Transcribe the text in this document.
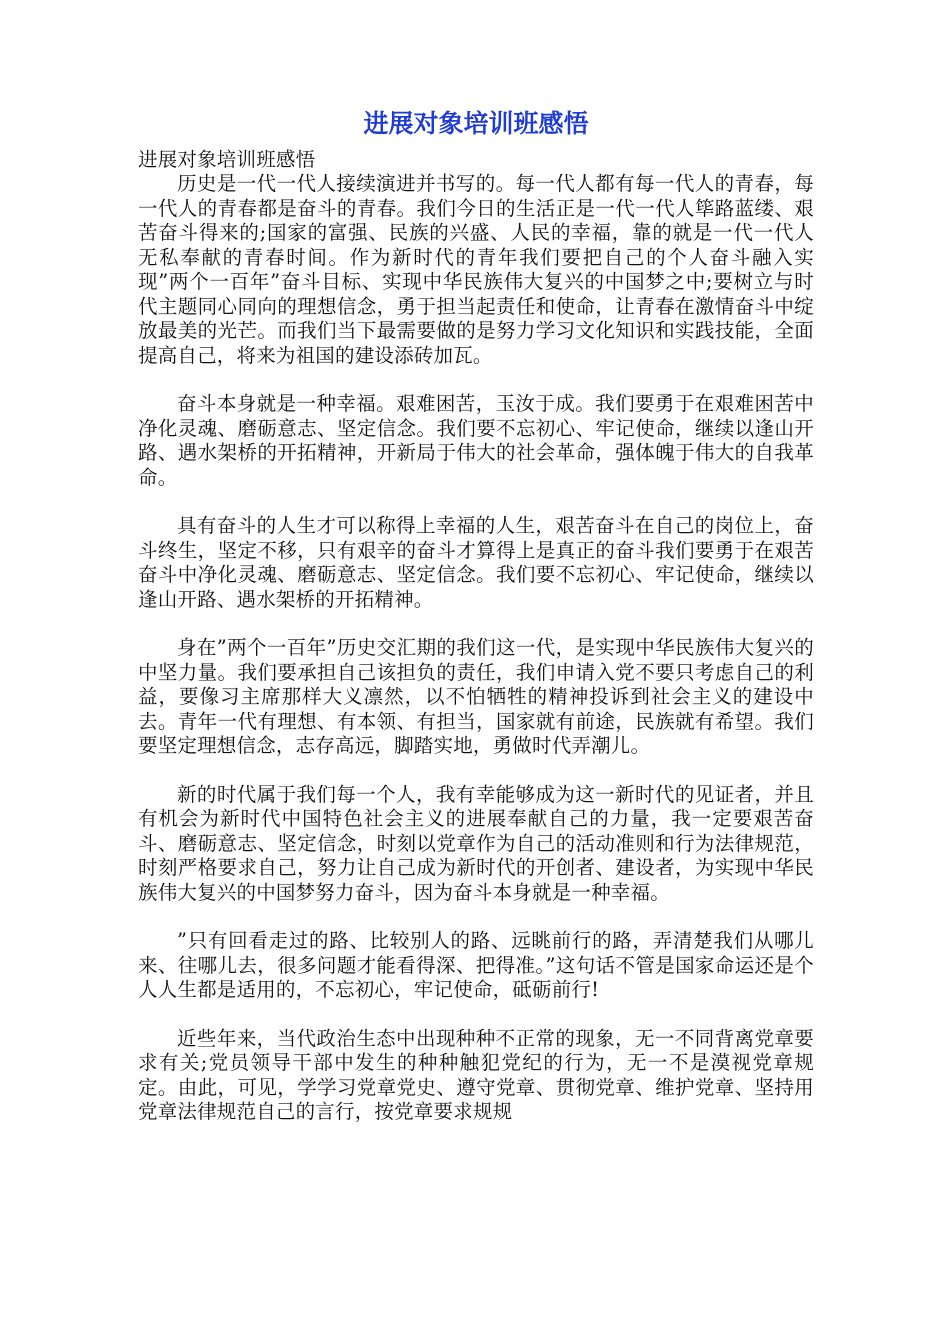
进展对象培训班感悟

进展对象培训班感悟

历史是一代一代人接续演进并书写的。每一代人都有每一代人的青春，每一代人的青春都是奋斗的青春。我们今日的生活正是一代一代人筚路蓝缕、艰苦奋斗得来的;国家的富强、民族的兴盛、人民的幸福，靠的就是一代一代人无私奉献的青春时间。作为新时代的青年我们要把自己的个人奋斗融入实现”两个一百年”奋斗目标、实现中华民族伟大复兴的中国梦之中;要树立与时代主题同心同向的理想信念，勇于担当起责任和使命，让青春在激情奋斗中绽放最美的光芒。而我们当下最需要做的是努力学习文化知识和实践技能，全面提高自己，将来为祖国的建设添砖加瓦。

奋斗本身就是一种幸福。艰难困苦，玉汝于成。我们要勇于在艰难困苦中净化灵魂、磨砺意志、坚定信念。我们要不忘初心、牢记使命，继续以逢山开路、遇水架桥的开拓精神，开新局于伟大的社会革命，强体魄于伟大的自我革命。

具有奋斗的人生才可以称得上幸福的人生，艰苦奋斗在自己的岗位上，奋斗终生，坚定不移，只有艰辛的奋斗才算得上是真正的奋斗我们要勇于在艰苦奋斗中净化灵魂、磨砺意志、坚定信念。我们要不忘初心、牢记使命，继续以逢山开路、遇水架桥的开拓精神。

身在”两个一百年”历史交汇期的我们这一代，是实现中华民族伟大复兴的中坚力量。我们要承担自己该担负的责任，我们申请入党不要只考虑自己的利益，要像习主席那样大义凛然，以不怕牺牲的精神投诉到社会主义的建设中去。青年一代有理想、有本领、有担当，国家就有前途，民族就有希望。我们要坚定理想信念，志存高远，脚踏实地，勇做时代弄潮儿。

新的时代属于我们每一个人，我有幸能够成为这一新时代的见证者，并且有机会为新时代中国特色社会主义的进展奉献自己的力量，我一定要艰苦奋斗、磨砺意志、坚定信念，时刻以党章作为自己的活动准则和行为法律规范，时刻严格要求自己，努力让自己成为新时代的开创者、建设者，为实现中华民族伟大复兴的中国梦努力奋斗，因为奋斗本身就是一种幸福。

”只有回看走过的路、比较别人的路、远眺前行的路，弄清楚我们从哪儿来、往哪儿去，很多问题才能看得深、把得准。”这句话不管是国家命运还是个人人生都是适用的，不忘初心，牢记使命，砥砺前行!

近些年来，当代政治生态中出现种种不正常的现象，无一不同背离党章要求有关;党员领导干部中发生的种种触犯党纪的行为，无一不是漠视党章规定。由此，可见，学学习党章党史、遵守党章、贯彻党章、维护党章、坚持用党章法律规范自己的言行，按党章要求规规
